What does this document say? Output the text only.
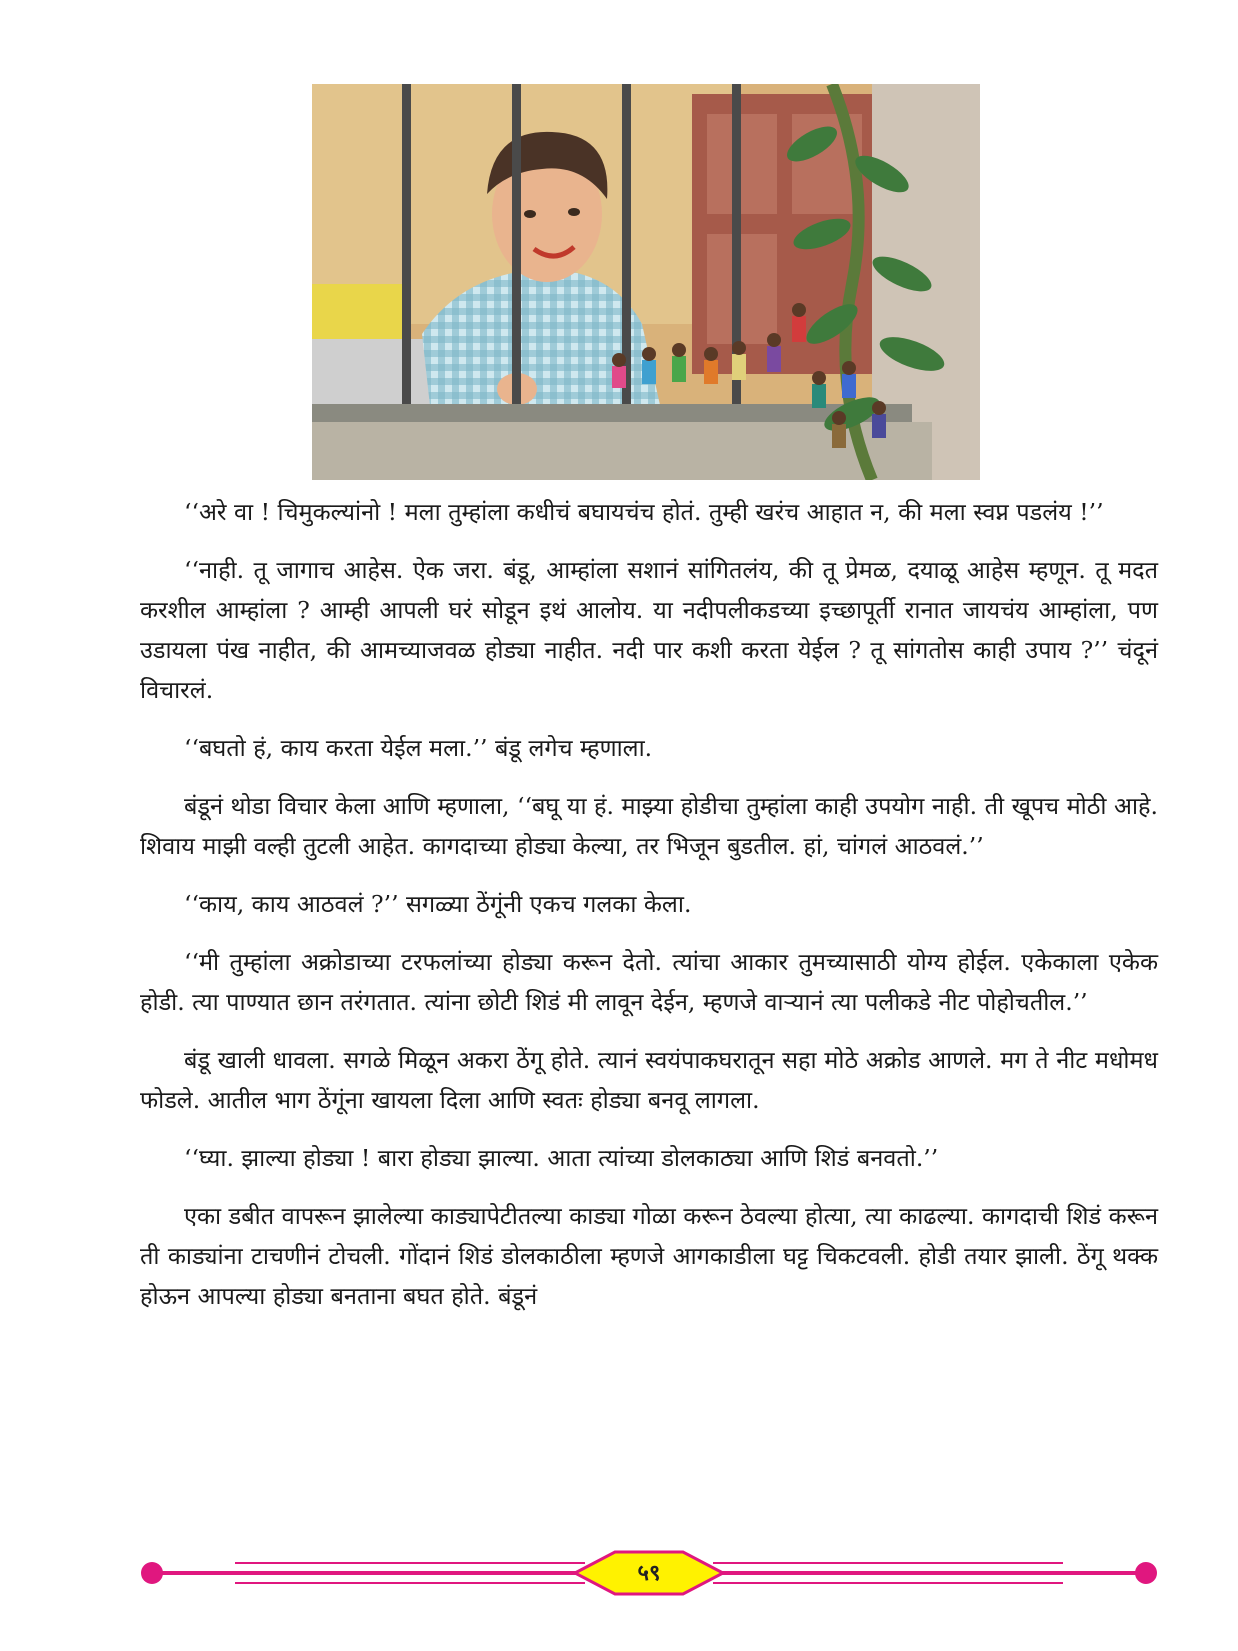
‘‘अरे वा ! चिमुकल्यांनो ! मला तुम्हांला कधीचं बघायचंच होतं. तुम्ही खरंच आहात न, की मला स्वप्न पडलंय !’’

‘‘नाही. तू जागाच आहेस. ऐक जरा. बंडू, आम्हांला सशानं सांगितलंय, की तू प्रेमळ, दयाळू आहेस म्हणून. तू मदत करशील आम्हांला ? आम्ही आपली घरं सोडून इथं आलोय. या नदीपलीकडच्या इच्छापूर्ती रानात जायचंय आम्हांला, पण उडायला पंख नाहीत, की आमच्याजवळ होड्या नाहीत. नदी पार कशी करता येईल ? तू सांगतोस काही उपाय ?’’ चंदूनं विचारलं.

‘‘बघतो हं, काय करता येईल मला.’’ बंडू लगेच म्हणाला.

बंडूनं थोडा विचार केला आणि म्हणाला, ‘‘बघू या हं. माझ्या होडीचा तुम्हांला काही उपयोग नाही. ती खूपच मोठी आहे. शिवाय माझी वल्ही तुटली आहेत. कागदाच्या होड्या केल्या, तर भिजून बुडतील. हां, चांगलं आठवलं.’’

‘‘काय, काय आठवलं ?’’ सगळ्या ठेंगूंनी एकच गलका केला.

‘‘मी तुम्हांला अक्रोडाच्या टरफलांच्या होड्या करून देतो. त्यांचा आकार तुमच्यासाठी योग्य होईल. एकेकाला एकेक होडी. त्या पाण्यात छान तरंगतात. त्यांना छोटी शिडं मी लावून देईन, म्हणजे वाऱ्यानं त्या पलीकडे नीट पोहोचतील.’’

बंडू खाली धावला. सगळे मिळून अकरा ठेंगू होते. त्यानं स्वयंपाकघरातून सहा मोठे अक्रोड आणले. मग ते नीट मधोमध फोडले. आतील भाग ठेंगूंना खायला दिला आणि स्वतः होड्या बनवू लागला.

‘‘घ्या. झाल्या होड्या ! बारा होड्या झाल्या. आता त्यांच्या डोलकाठ्या आणि शिडं बनवतो.’’

एका डबीत वापरून झालेल्या काड्यापेटीतल्या काड्या गोळा करून ठेवल्या होत्या, त्या काढल्या. कागदाची शिडं करून ती काड्यांना टाचणीनं टोचली. गोंदानं शिडं डोलकाठीला म्हणजे आगकाडीला घट्ट चिकटवली. होडी तयार झाली. ठेंगू थक्क होऊन आपल्या होड्या बनताना बघत होते. बंडूनं

५९
